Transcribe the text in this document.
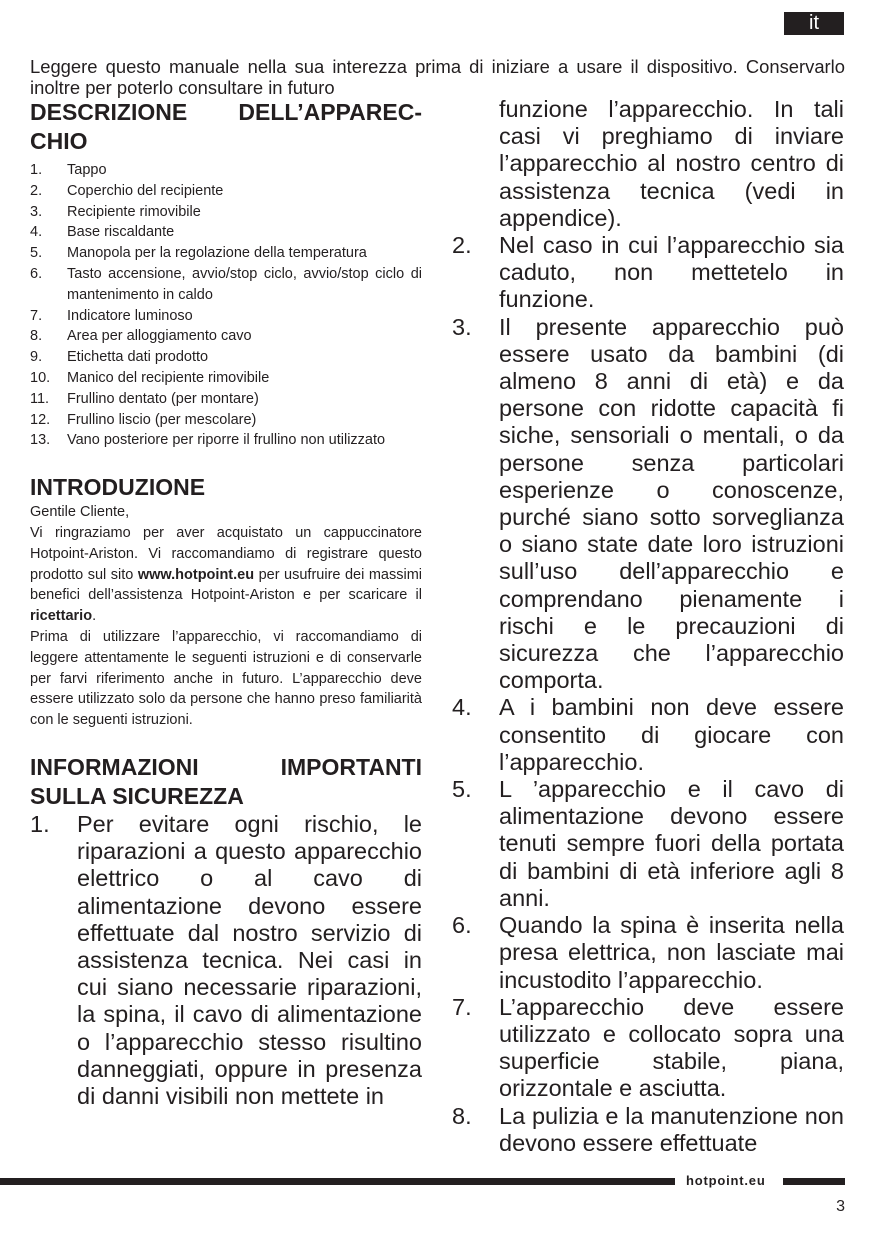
it
Leggere questo manuale nella sua interezza prima di iniziare a usare il dispositivo. Conservarlo inoltre per poterlo consultare in futuro
DESCRIZIONE DELL’APPAREC-CHIO
1. Tappo
2. Coperchio del recipiente
3. Recipiente rimovibile
4. Base riscaldante
5. Manopola per la regolazione della temperatura
6. Tasto accensione, avvio/stop ciclo, avvio/stop ciclo di mantenimento in caldo
7. Indicatore luminoso
8. Area per alloggiamento cavo
9. Etichetta dati prodotto
10. Manico del recipiente rimovibile
11. Frullino dentato (per montare)
12. Frullino liscio (per mescolare)
13. Vano posteriore per riporre il frullino non utilizzato
INTRODUZIONE

Gentile Cliente,

Vi ringraziamo per aver acquistato un cappuccinatore Hotpoint-Ariston. Vi raccomandiamo di registrare questo prodotto sul sito www.hotpoint.eu per usufruire dei massimi benefici dell’assistenza Hotpoint-Ariston e per scaricare il ricettario.

Prima di utilizzare l’apparecchio, vi raccomandiamo di leggere attentamente le seguenti istruzioni e di conservarle per farvi riferimento anche in futuro. L’apparecchio deve essere utilizzato solo da persone che hanno preso familiarità con le seguenti istruzioni.

INFORMAZIONI IMPORTANTI SULLA SICUREZZA
1. Per evitare ogni rischio, le riparazioni a questo apparecchio elettrico o al cavo di alimentazione devono essere effettuate dal nostro servizio di assistenza tecnica. Nei casi in cui siano necessarie riparazioni, la spina, il cavo di alimentazione o l’apparecchio stesso risultino danneggiati, oppure in presenza di danni visibili non mettete in
funzione l’apparecchio. In tali casi vi preghiamo di inviare l’apparecchio al nostro centro di assistenza tecnica (vedi in appendice).
2. Nel caso in cui l’apparecchio sia caduto, non mettetelo in funzione.
3. Il presente apparecchio può essere usato da bambini (di almeno 8 anni di età) e da persone con ridotte capacità fi siche, sensoriali o mentali, o da persone senza particolari esperienze o conoscenze, purché siano sotto sorveglianza o siano state date loro istruzioni sull’uso dell’apparecchio e comprendano pienamente i rischi e le precauzioni di sicurezza che l’apparecchio comporta.
4. A i bambini non deve essere consentito di giocare con l’apparecchio.
5. L ’apparecchio e il cavo di alimentazione devono essere tenuti sempre fuori della portata di bambini di età inferiore agli 8 anni.
6. Quando la spina è inserita nella presa elettrica, non lasciate mai incustodito l’apparecchio.
7. L’apparecchio deve essere utilizzato e collocato sopra una superficie stabile, piana, orizzontale e asciutta.
8. La pulizia e la manutenzione non devono essere effettuate
hotpoint.eu
3
